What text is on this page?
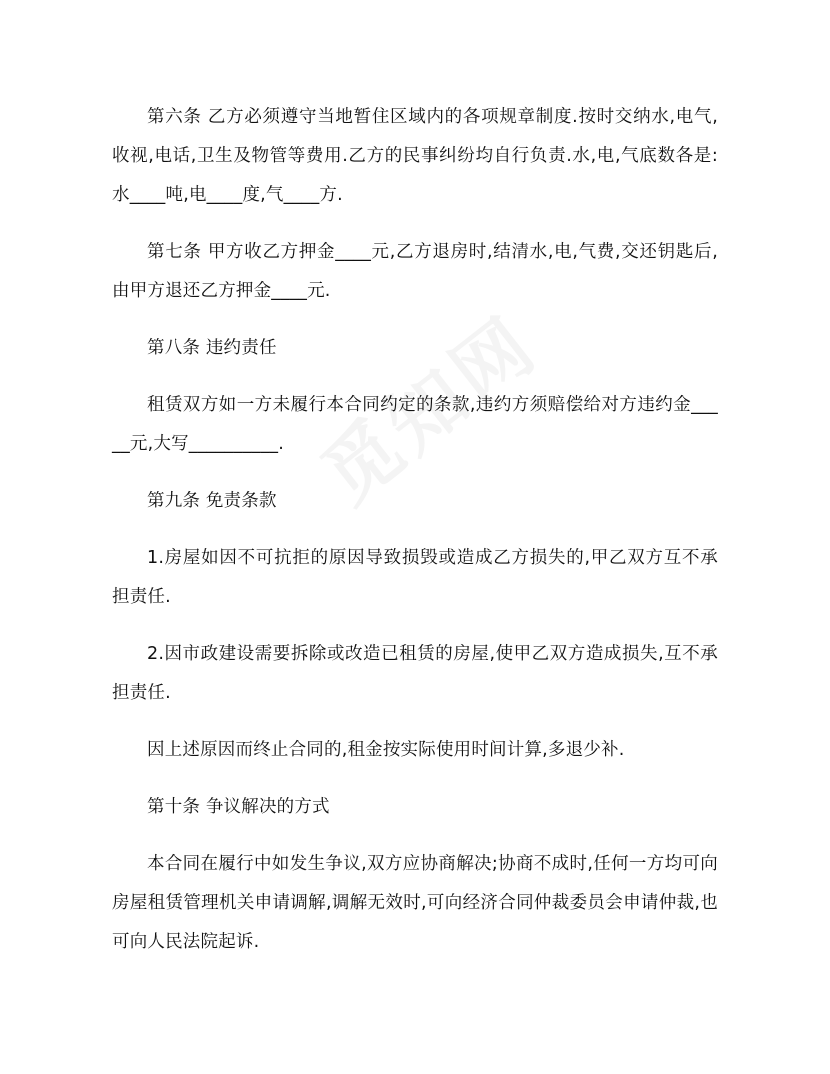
第六条 乙方必须遵守当地暂住区域内的各项规章制度.按时交纳水,电气,收视,电话,卫生及物管等费用.乙方的民事纠纷均自行负责.水,电,气底数各是:水____吨,电____度,气____方.

第七条 甲方收乙方押金____元,乙方退房时,结清水,电,气费,交还钥匙后,由甲方退还乙方押金____元.

第八条 违约责任

租赁双方如一方未履行本合同约定的条款,违约方须赔偿给对方违约金_____元,大写__________.

第九条 免责条款

1.房屋如因不可抗拒的原因导致损毁或造成乙方损失的,甲乙双方互不承担责任.

2.因市政建设需要拆除或改造已租赁的房屋,使甲乙双方造成损失,互不承担责任.

因上述原因而终止合同的,租金按实际使用时间计算,多退少补.

第十条 争议解决的方式

本合同在履行中如发生争议,双方应协商解决;协商不成时,任何一方均可向房屋租赁管理机关申请调解,调解无效时,可向经济合同仲裁委员会申请仲裁,也可向人民法院起诉.
